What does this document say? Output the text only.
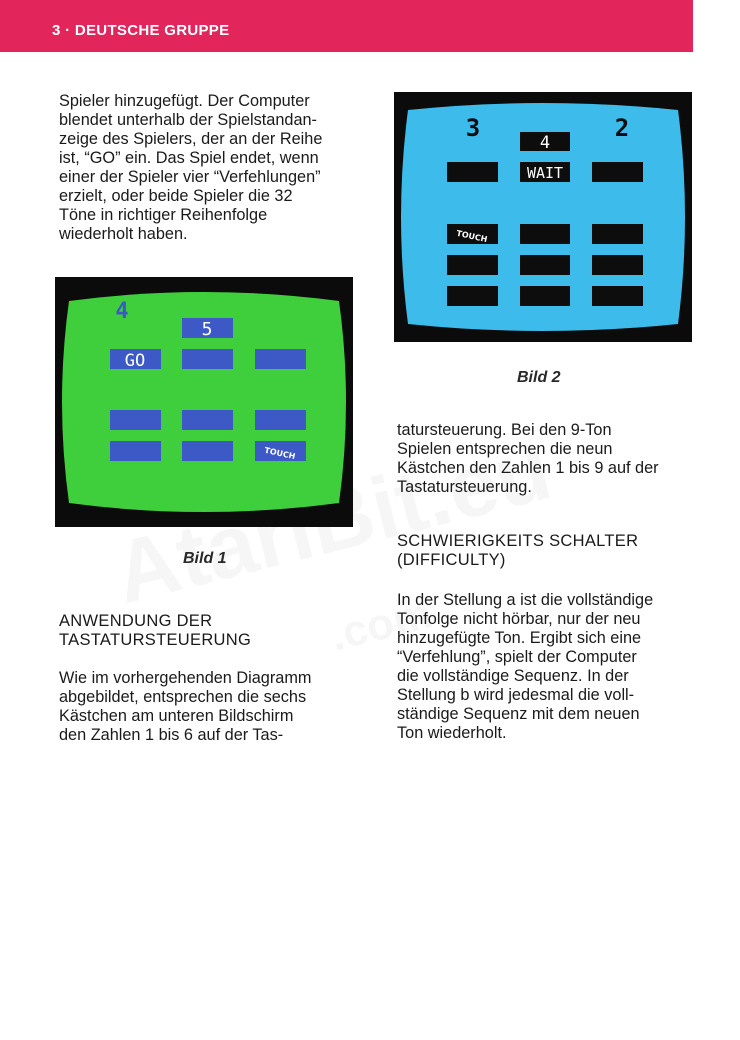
3 · DEUTSCHE GRUPPE

Spieler hinzugefügt. Der Computer
blendet unterhalb der Spielstandan-
zeige des Spielers, der an der Reihe
ist, “GO” ein. Das Spiel endet, wenn
einer der Spieler vier “Verfehlungen”
erzielt, oder beide Spieler die 32
Töne in richtiger Reihenfolge
wiederholt haben.

4
5
GO
TOUCH
Bild 1
ANWENDUNG DER
TASTATURSTEUERUNG

Wie im vorhergehenden Diagramm
abgebildet, entsprechen die sechs
Kästchen am unteren Bildschirm
den Zahlen 1 bis 6 auf der Tas-

3	2
4
WAIT
TOUCH
Bild 2

tatursteuerung. Bei den 9-Ton
Spielen entsprechen die neun
Kästchen den Zahlen 1 bis 9 auf der
Tastatursteuerung.

SCHWIERIGKEITS SCHALTER
(DIFFICULTY)

In der Stellung a ist die vollständige
Tonfolge nicht hörbar, nur der neu
hinzugefügte Ton. Ergibt sich eine
“Verfehlung”, spielt der Computer
die vollständige Sequenz. In der
Stellung b wird jedesmal die voll-
ständige Sequenz mit dem neuen
Ton wiederholt.
